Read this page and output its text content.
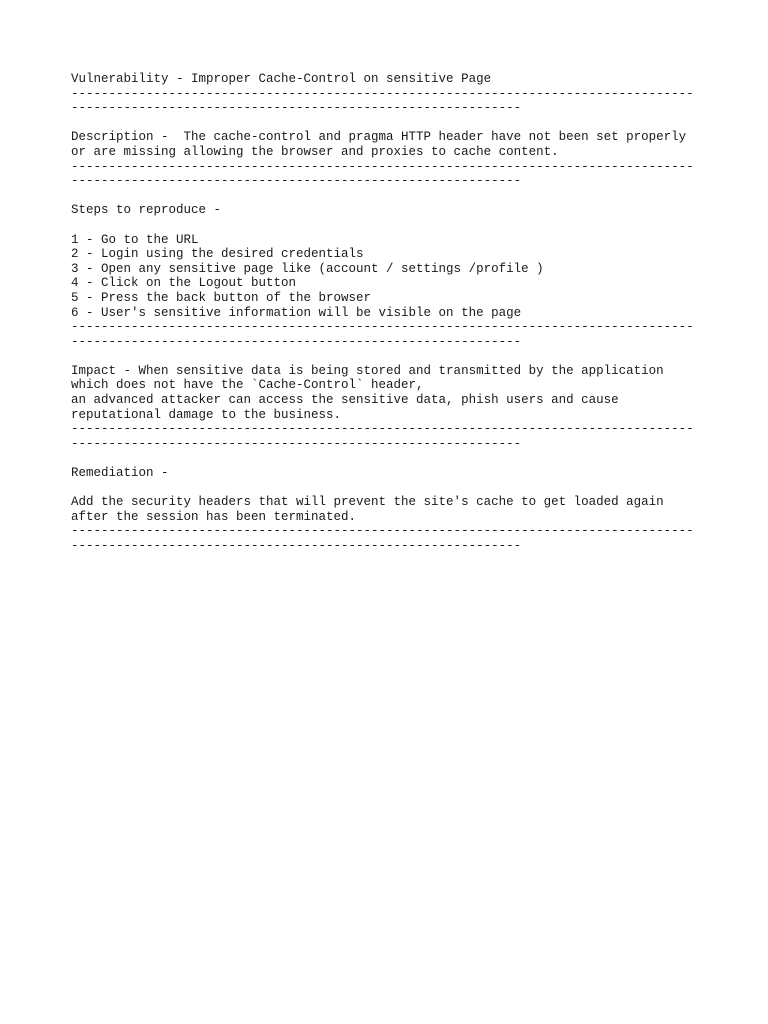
Vulnerability - Improper Cache-Control on sensitive Page
-----------------------------------------------------------------------------------
------------------------------------------------------------
Description -  The cache-control and pragma HTTP header have not been set properly
or are missing allowing the browser and proxies to cache content.
-----------------------------------------------------------------------------------
------------------------------------------------------------
Steps to reproduce -
1 - Go to the URL
2 - Login using the desired credentials
3 - Open any sensitive page like (account / settings /profile )
4 - Click on the Logout button
5 - Press the back button of the browser
6 - User's sensitive information will be visible on the page
-----------------------------------------------------------------------------------
------------------------------------------------------------
Impact - When sensitive data is being stored and transmitted by the application
which does not have the `Cache-Control` header,
an advanced attacker can access the sensitive data, phish users and cause
reputational damage to the business.
-----------------------------------------------------------------------------------
------------------------------------------------------------
Remediation -
Add the security headers that will prevent the site's cache to get loaded again
after the session has been terminated.
-----------------------------------------------------------------------------------
------------------------------------------------------------
